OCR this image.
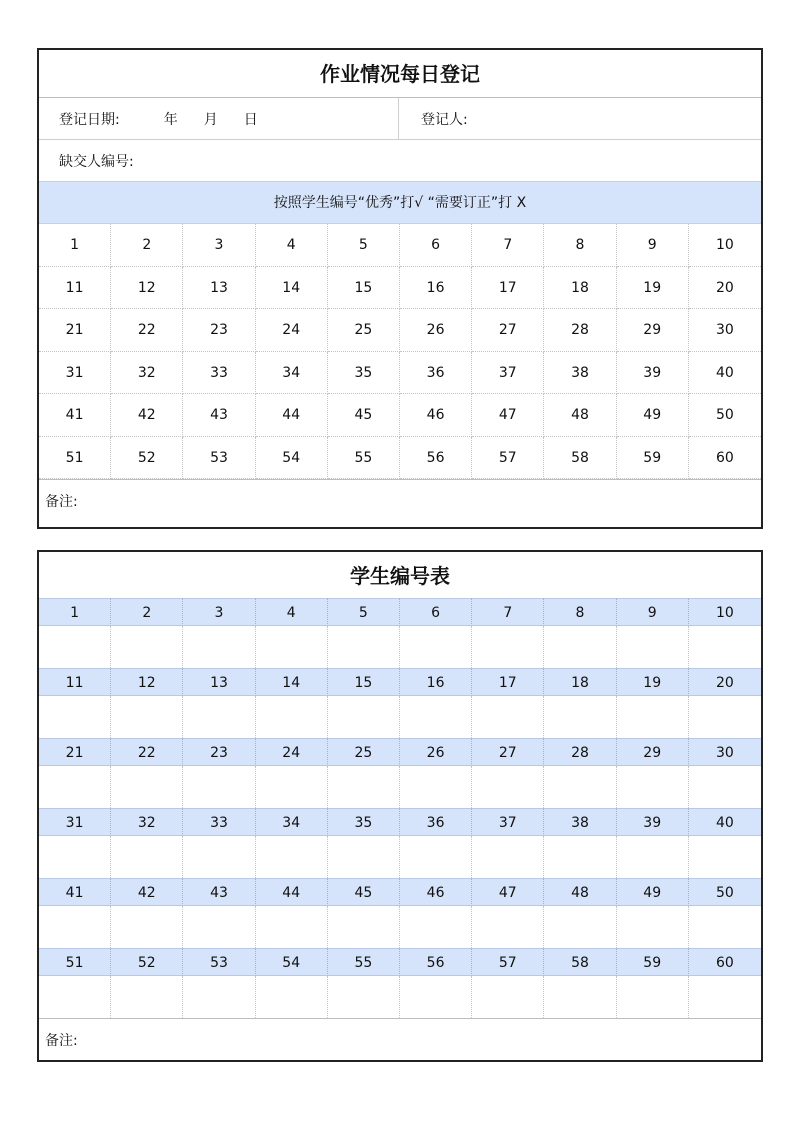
作业情况每日登记
登记日期:	年 月 日	登记人:
缺交人编号:
按照学生编号“优秀”打√ “需要订正”打 X
1	2	3	4	5	6	7	8	9	10
11	12	13	14	15	16	17	18	19	20
21	22	23	24	25	26	27	28	29	30
31	32	33	34	35	36	37	38	39	40
41	42	43	44	45	46	47	48	49	50
51	52	53	54	55	56	57	58	59	60
备注:
学生编号表
1	2	3	4	5	6	7	8	9	10
11	12	13	14	15	16	17	18	19	20
21	22	23	24	25	26	27	28	29	30
31	32	33	34	35	36	37	38	39	40
41	42	43	44	45	46	47	48	49	50
51	52	53	54	55	56	57	58	59	60
备注:
